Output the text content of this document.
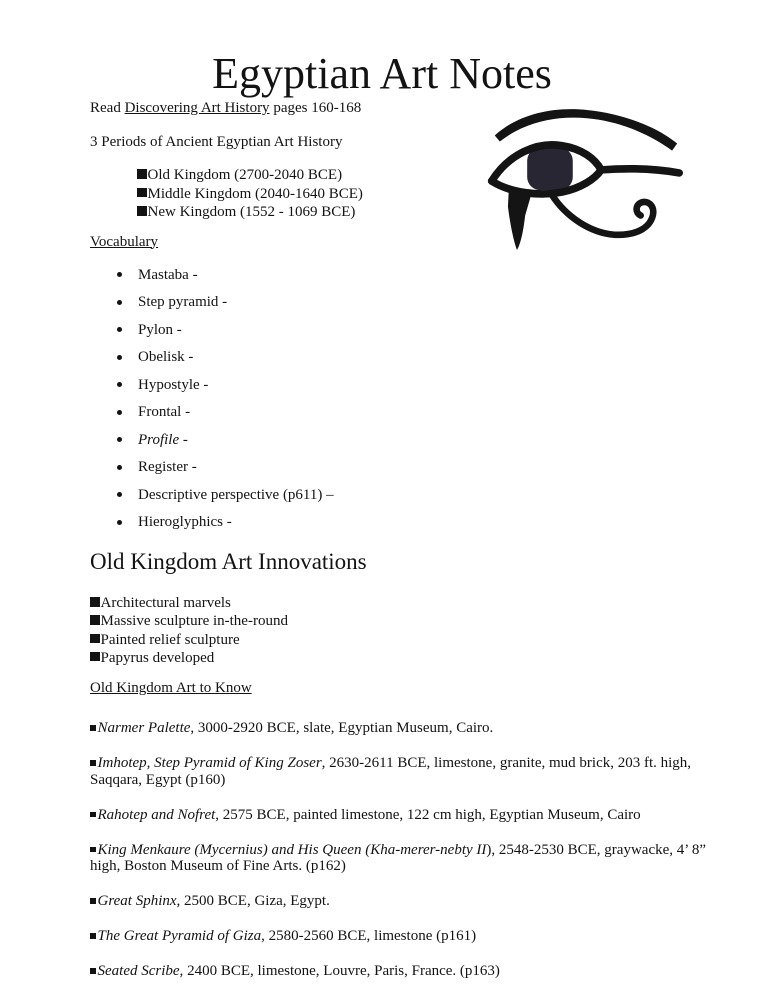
Egyptian Art Notes

Read Discovering Art History pages 160-168

3 Periods of Ancient Egyptian Art History

Old Kingdom (2700-2040 BCE)
Middle Kingdom (2040-1640 BCE)
New Kingdom (1552 - 1069 BCE)

Vocabulary

Mastaba -
Step pyramid -
Pylon -
Obelisk -
Hypostyle -
Frontal -
Profile -
Register -
Descriptive perspective (p611) –
Hieroglyphics -
Old Kingdom Art Innovations
Architectural marvels
Massive sculpture in-the-round
Painted relief sculpture
Papyrus developed

Old Kingdom Art to Know

Narmer Palette, 3000-2920 BCE, slate, Egyptian Museum, Cairo.

Imhotep, Step Pyramid of King Zoser, 2630-2611 BCE, limestone, granite, mud brick, 203 ft. high, Saqqara, Egypt (p160)

Rahotep and Nofret, 2575 BCE, painted limestone, 122 cm high, Egyptian Museum, Cairo

King Menkaure (Mycernius) and His Queen (Kha-merer-nebty II), 2548-2530 BCE, graywacke, 4’ 8” high, Boston Museum of Fine Arts. (p162)

Great Sphinx, 2500 BCE, Giza, Egypt.

The Great Pyramid of Giza, 2580-2560 BCE, limestone (p161)

Seated Scribe, 2400 BCE, limestone, Louvre, Paris, France. (p163)
